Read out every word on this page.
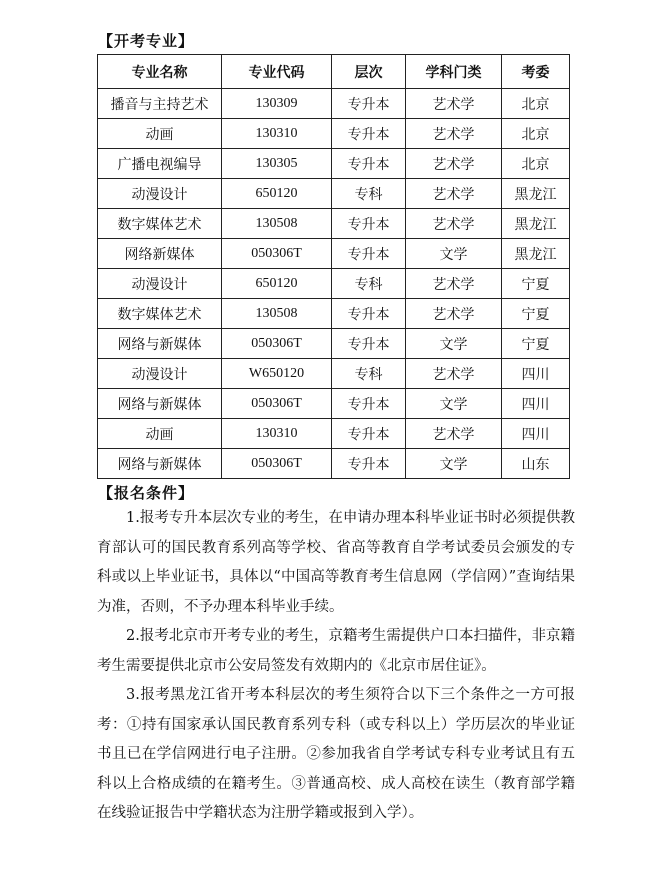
【开考专业】
专业名称	专业代码	层次	学科门类	考委
播音与主持艺术	130309	专升本	艺术学	北京
动画	130310	专升本	艺术学	北京
广播电视编导	130305	专升本	艺术学	北京
动漫设计	650120	专科	艺术学	黑龙江
数字媒体艺术	130508	专升本	艺术学	黑龙江
网络新媒体	050306T	专升本	文学	黑龙江
动漫设计	650120	专科	艺术学	宁夏
数字媒体艺术	130508	专升本	艺术学	宁夏
网络与新媒体	050306T	专升本	文学	宁夏
动漫设计	W650120	专科	艺术学	四川
网络与新媒体	050306T	专升本	文学	四川
动画	130310	专升本	艺术学	四川
网络与新媒体	050306T	专升本	文学	山东
【报名条件】

1.报考专升本层次专业的考生，在申请办理本科毕业证书时必须提供教育部认可的国民教育系列高等学校、省高等教育自学考试委员会颁发的专科或以上毕业证书，具体以“中国高等教育考生信息网（学信网）”查询结果为准，否则，不予办理本科毕业手续。

2.报考北京市开考专业的考生，京籍考生需提供户口本扫描件，非京籍考生需要提供北京市公安局签发有效期内的《北京市居住证》。

3.报考黑龙江省开考本科层次的考生须符合以下三个条件之一方可报考：①持有国家承认国民教育系列专科（或专科以上）学历层次的毕业证书且已在学信网进行电子注册。②参加我省自学考试专科专业考试且有五科以上合格成绩的在籍考生。③普通高校、成人高校在读生（教育部学籍在线验证报告中学籍状态为注册学籍或报到入学）。
